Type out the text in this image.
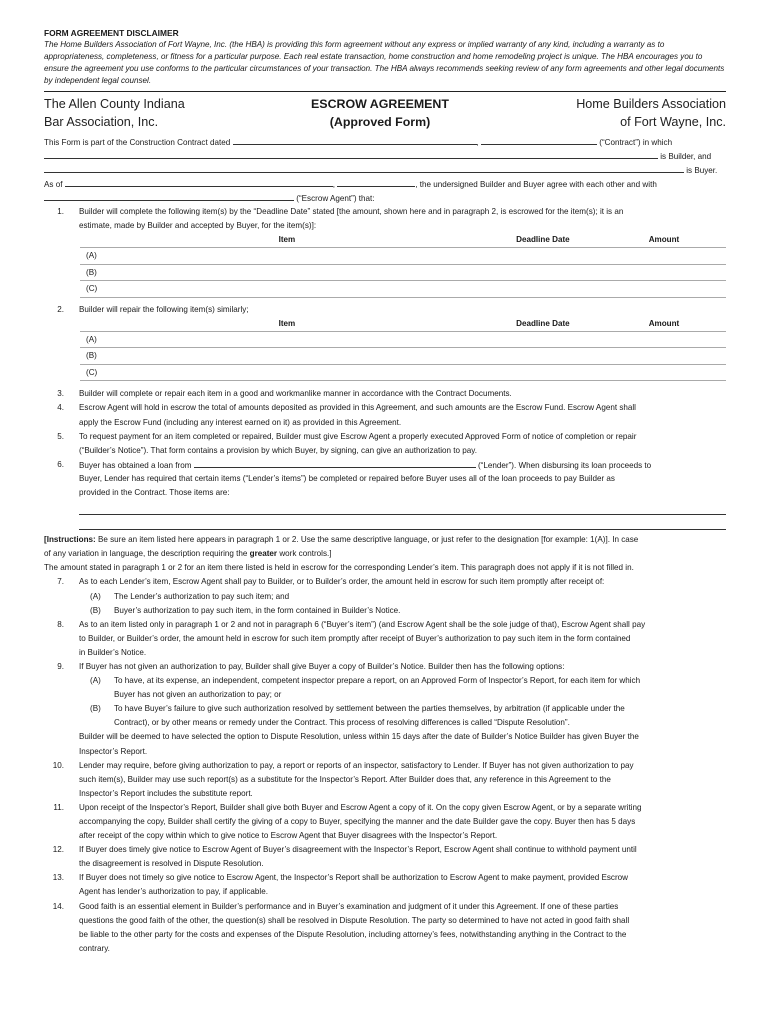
FORM AGREEMENT DISCLAIMER
The Home Builders Association of Fort Wayne, Inc. (the HBA) is providing this form agreement without any express or implied warranty of any kind, including a warranty as to appropriateness, completeness, or fitness for a particular purpose. Each real estate transaction, home construction and home remodeling project is unique. The HBA encourages you to ensure the agreement you use conforms to the particular circumstances of your transaction. The HBA always recommends seeking review of any form agreements and other legal documents by independent legal counsel.
The Allen County Indiana
Bar Association, Inc.
ESCROW AGREEMENT
(Approved Form)
Home Builders Association
of Fort Wayne, Inc.
This Form is part of the Construction Contract dated	,	(“Contract”) in which
is Builder, and
is Buyer.
As of	,	, the undersigned Builder and Buyer agree with each other and with
(“Escrow Agent”) that:
1. Builder will complete the following item(s) by the “Deadline Date” stated [the amount, shown here and in paragraph 2, is escrowed for the item(s); it is an
estimate, made by Builder and accepted by Buyer, for the item(s)]:
Item	Deadline Date	Amount
(A)
(B)
(C)
2. Builder will repair the following item(s) similarly;
Item	Deadline Date	Amount
(A)
(B)
(C)
3. Builder will complete or repair each item in a good and workmanlike manner in accordance with the Contract Documents.
4. Escrow Agent will hold in escrow the total of amounts deposited as provided in this Agreement, and such amounts are the Escrow Fund. Escrow Agent shall
apply the Escrow Fund (including any interest earned on it) as provided in this Agreement.
5. To request payment for an item completed or repaired, Builder must give Escrow Agent a properly executed Approved Form of notice of completion or repair
(“Builder’s Notice”). That form contains a provision by which Buyer, by signing, can give an authorization to pay.
6. Buyer has obtained a loan from	(“Lender”). When disbursing its loan proceeds to
Buyer, Lender has required that certain items (“Lender’s items”) be completed or repaired before Buyer uses all of the loan proceeds to pay Builder as
provided in the Contract. Those items are:
[Instructions: Be sure an item listed here appears in paragraph 1 or 2. Use the same descriptive language, or just refer to the designation [for example: 1(A)]. In case
of any variation in language, the description requiring the greater work controls.]
The amount stated in paragraph 1 or 2 for an item there listed is held in escrow for the corresponding Lender’s item. This paragraph does not apply if it is not filled in.
7. As to each Lender’s item, Escrow Agent shall pay to Builder, or to Builder’s order, the amount held in escrow for such item promptly after receipt of:
(A) The Lender’s authorization to pay such item; and
(B) Buyer’s authorization to pay such item, in the form contained in Builder’s Notice.
8. As to an item listed only in paragraph 1 or 2 and not in paragraph 6 (“Buyer’s item”) (and Escrow Agent shall be the sole judge of that), Escrow Agent shall pay
to Builder, or Builder’s order, the amount held in escrow for such item promptly after receipt of Buyer’s authorization to pay such item in the form contained
in Builder’s Notice.
9. If Buyer has not given an authorization to pay, Builder shall give Buyer a copy of Builder’s Notice. Builder then has the following options:
(A) To have, at its expense, an independent, competent inspector prepare a report, on an Approved Form of Inspector’s Report, for each item for which
Buyer has not given an authorization to pay; or
(B) To have Buyer’s failure to give such authorization resolved by settlement between the parties themselves, by arbitration (if applicable under the
Contract), or by other means or remedy under the Contract. This process of resolving differences is called “Dispute Resolution”.
Builder will be deemed to have selected the option to Dispute Resolution, unless within 15 days after the date of Builder’s Notice Builder has given Buyer the
Inspector’s Report.
10. Lender may require, before giving authorization to pay, a report or reports of an inspector, satisfactory to Lender. If Buyer has not given authorization to pay
such item(s), Builder may use such report(s) as a substitute for the Inspector’s Report. After Builder does that, any reference in this Agreement to the
Inspector’s Report includes the substitute report.
11. Upon receipt of the Inspector’s Report, Builder shall give both Buyer and Escrow Agent a copy of it. On the copy given Escrow Agent, or by a separate writing
accompanying the copy, Builder shall certify the giving of a copy to Buyer, specifying the manner and the date Builder gave the copy. Buyer then has 5 days
after receipt of the copy within which to give notice to Escrow Agent that Buyer disagrees with the Inspector’s Report.
12. If Buyer does timely give notice to Escrow Agent of Buyer’s disagreement with the Inspector’s Report, Escrow Agent shall continue to withhold payment until
the disagreement is resolved in Dispute Resolution.
13. If Buyer does not timely so give notice to Escrow Agent, the Inspector’s Report shall be authorization to Escrow Agent to make payment, provided Escrow
Agent has lender’s authorization to pay, if applicable.
14. Good faith is an essential element in Builder’s performance and in Buyer’s examination and judgment of it under this Agreement. If one of these parties
questions the good faith of the other, the question(s) shall be resolved in Dispute Resolution. The party so determined to have not acted in good faith shall
be liable to the other party for the costs and expenses of the Dispute Resolution, including attorney’s fees, notwithstanding anything in the Contract to the
contrary.
